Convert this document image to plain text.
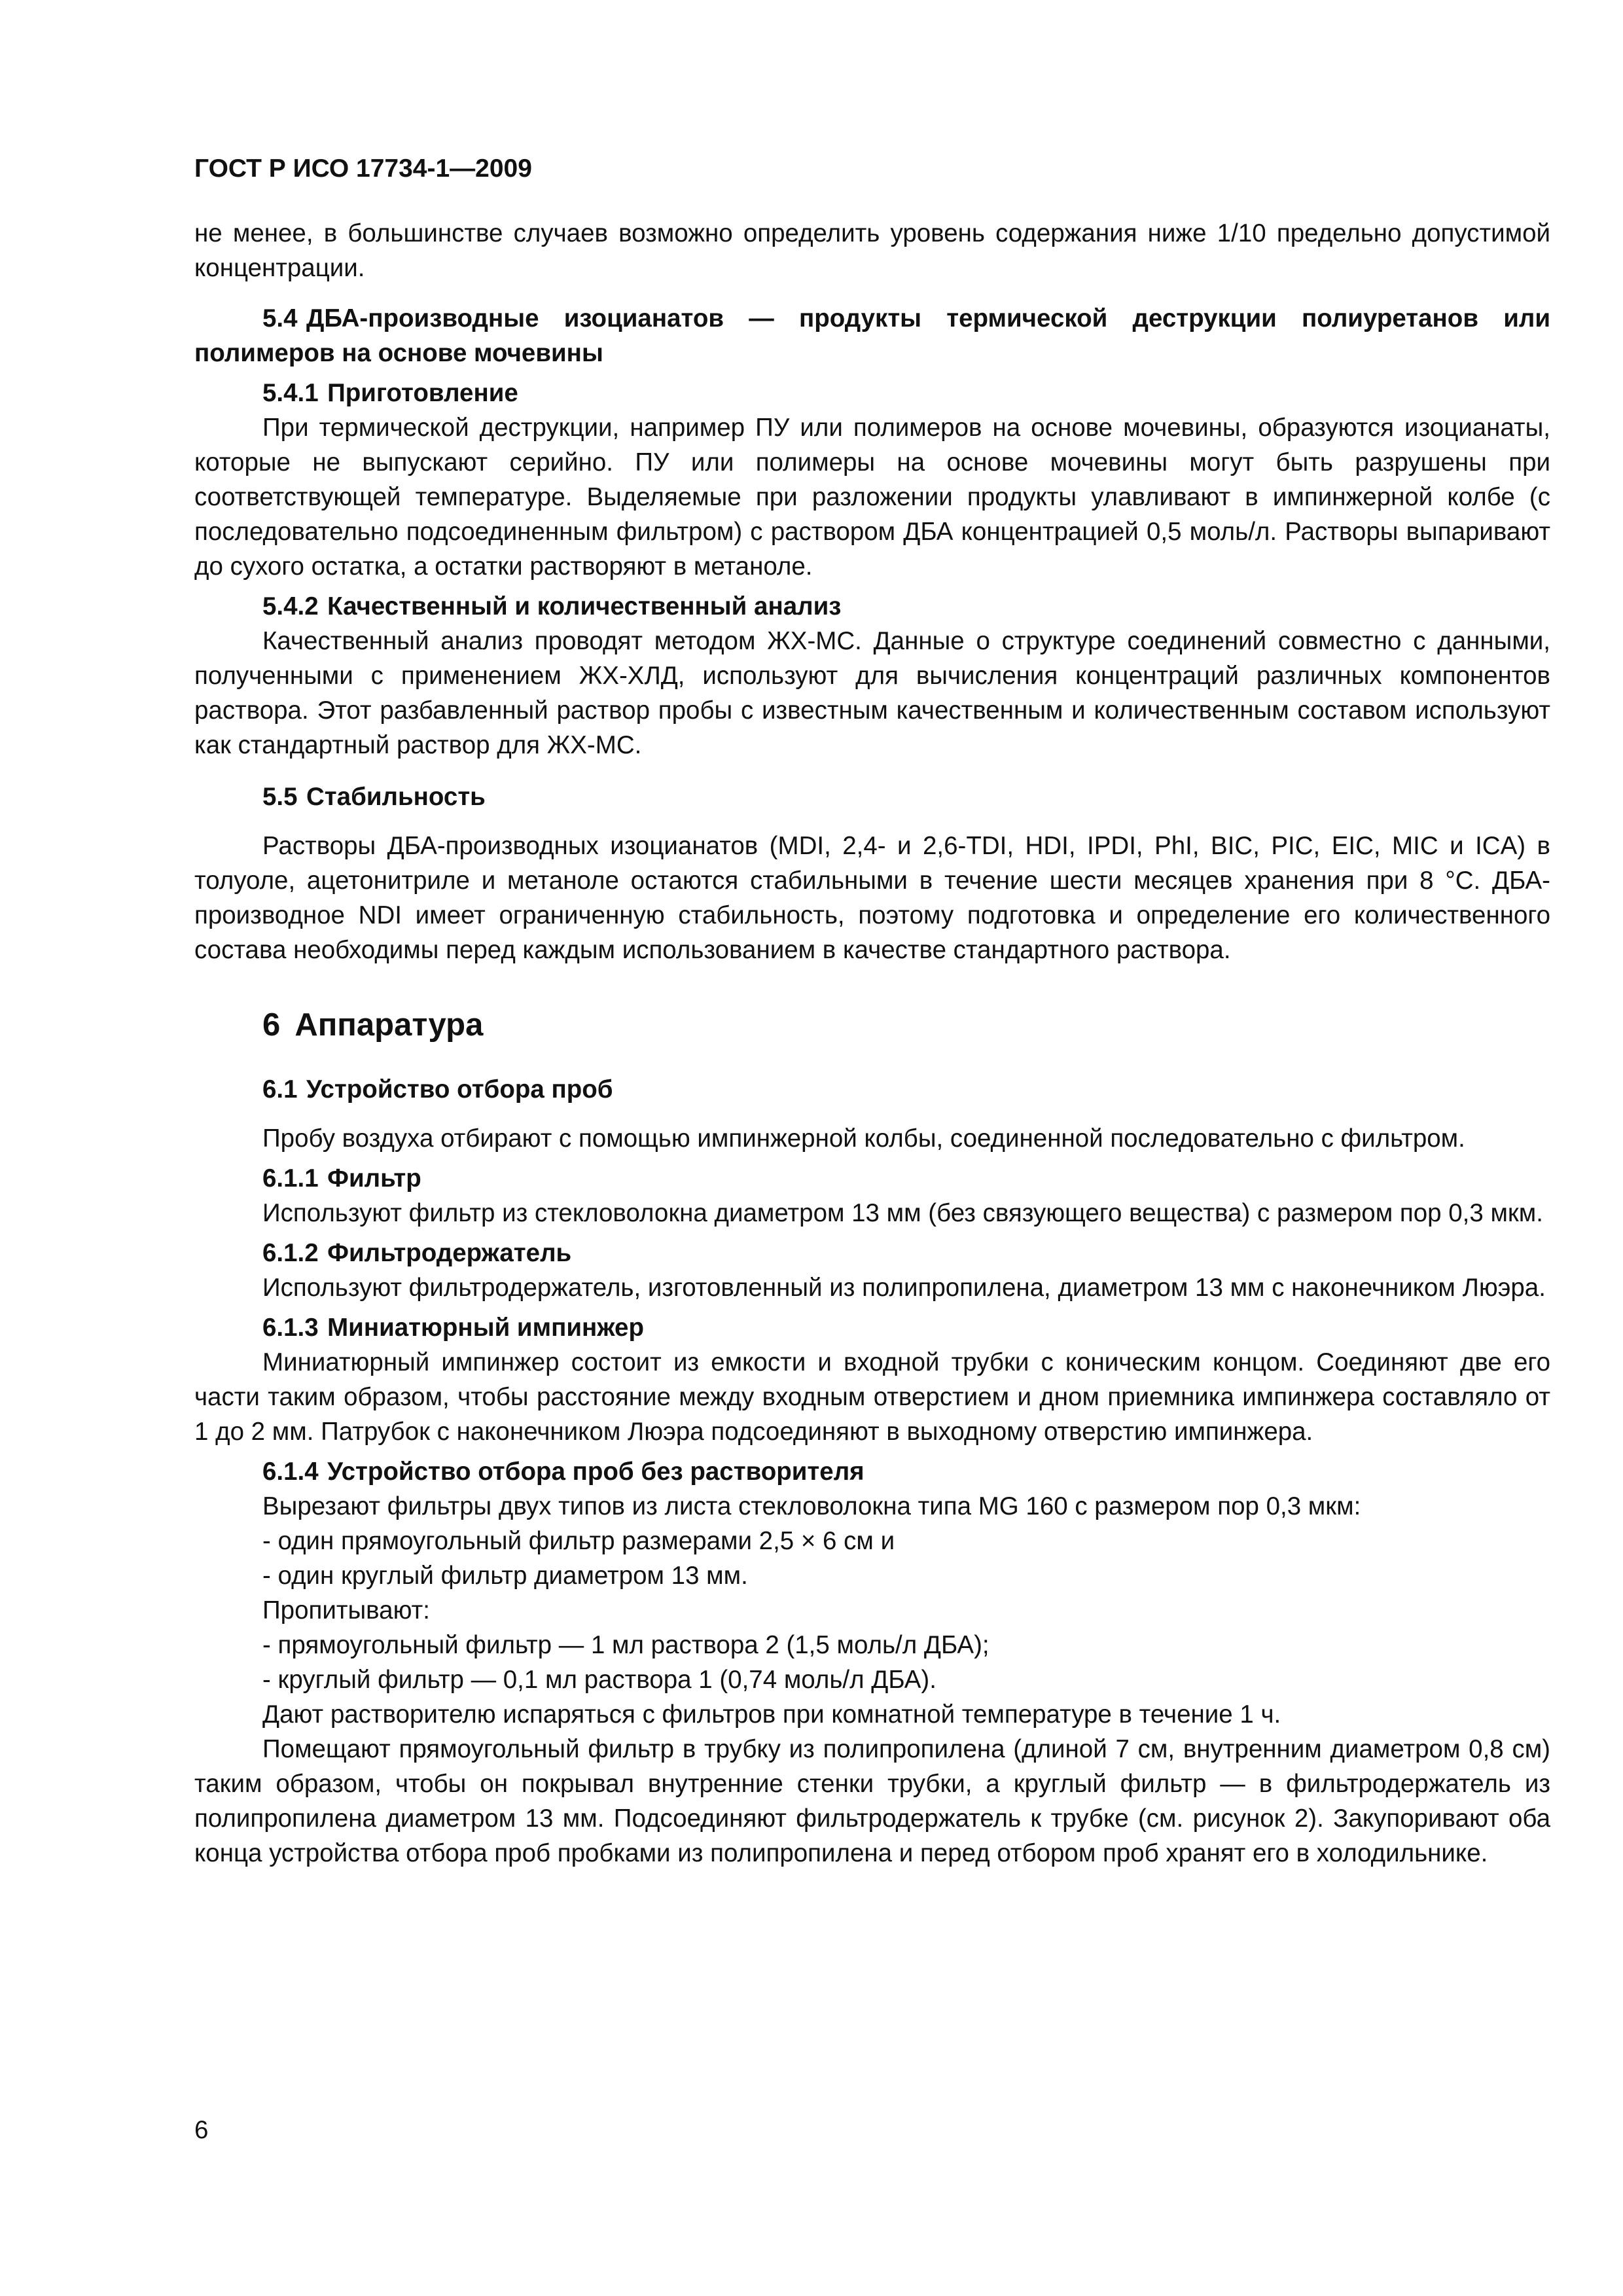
ГОСТ Р ИСО 17734-1—2009

не менее, в большинстве случаев возможно определить уровень содержания ниже 1/10 предельно допустимой концентрации.

5.4 ДБА-производные изоцианатов — продукты термической деструкции полиуретанов или полимеров на основе мочевины
5.4.1 Приготовление

При термической деструкции, например ПУ или полимеров на основе мочевины, образуются изоцианаты, которые не выпускают серийно. ПУ или полимеры на основе мочевины могут быть разрушены при соответствующей температуре. Выделяемые при разложении продукты улавливают в импинжерной колбе (с последовательно подсоединенным фильтром) с раствором ДБА концентрацией 0,5 моль/л. Растворы выпаривают до сухого остатка, а остатки растворяют в метаноле.

5.4.2 Качественный и количественный анализ

Качественный анализ проводят методом ЖХ-МС. Данные о структуре соединений совместно с данными, полученными с применением ЖХ-ХЛД, используют для вычисления концентраций различных компонентов раствора. Этот разбавленный раствор пробы с известным качественным и количественным составом используют как стандартный раствор для ЖХ-МС.

5.5 Стабильность

Растворы ДБА-производных изоцианатов (MDI, 2,4- и 2,6-TDI, HDI, IPDI, PhI, BIC, PIC, EIC, MIC и ICA) в толуоле, ацетонитриле и метаноле остаются стабильными в течение шести месяцев хранения при 8 °С. ДБА-производное NDI имеет ограниченную стабильность, поэтому подготовка и определение его количественного состава необходимы перед каждым использованием в качестве стандартного раствора.

6 Аппаратура
6.1 Устройство отбора проб

Пробу воздуха отбирают с помощью импинжерной колбы, соединенной последовательно с фильтром.

6.1.1 Фильтр

Используют фильтр из стекловолокна диаметром 13 мм (без связующего вещества) с размером пор 0,3 мкм.

6.1.2 Фильтродержатель

Используют фильтродержатель, изготовленный из полипропилена, диаметром 13 мм с наконечником Люэра.

6.1.3 Миниатюрный импинжер

Миниатюрный импинжер состоит из емкости и входной трубки с коническим концом. Соединяют две его части таким образом, чтобы расстояние между входным отверстием и дном приемника импинжера составляло от 1 до 2 мм. Патрубок с наконечником Люэра подсоединяют в выходному отверстию импинжера.

6.1.4 Устройство отбора проб без растворителя

Вырезают фильтры двух типов из листа стекловолокна типа MG 160 с размером пор 0,3 мкм:

- один прямоугольный фильтр размерами 2,5 × 6 см и

- один круглый фильтр диаметром 13 мм.

Пропитывают:

- прямоугольный фильтр — 1 мл раствора 2 (1,5 моль/л ДБА);

- круглый фильтр — 0,1 мл раствора 1 (0,74 моль/л ДБА).

Дают растворителю испаряться с фильтров при комнатной температуре в течение 1 ч.

Помещают прямоугольный фильтр в трубку из полипропилена (длиной 7 см, внутренним диаметром 0,8 см) таким образом, чтобы он покрывал внутренние стенки трубки, а круглый фильтр — в фильтродержатель из полипропилена диаметром 13 мм. Подсоединяют фильтродержатель к трубке (см. рисунок 2). Закупоривают оба конца устройства отбора проб пробками из полипропилена и перед отбором проб хранят его в холодильнике.

6
